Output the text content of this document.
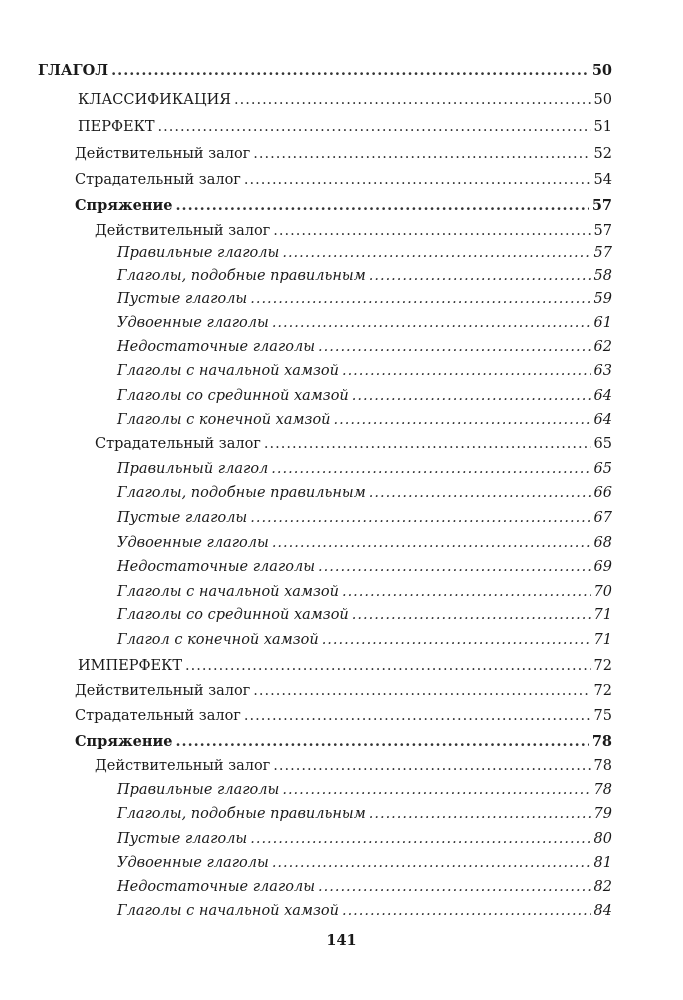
ГЛАГОЛ .....	50
КЛАССИФИКАЦИЯ .....	50
ПЕРФЕКТ .....	51
Действительный залог .....	52
Страдательный залог .....	54
Спряжение .....	57
Действительный залог .....	57
Правильные глаголы .....	57
Глаголы, подобные правильным .....	58
Пустые глаголы .....	59
Удвоенные глаголы .....	61
Недостаточные глаголы .....	62
Глаголы с начальной хамзой .....	63
Глаголы со срединной хамзой .....	64
Глаголы с конечной хамзой .....	64
Страдательный залог .....	65
Правильный глагол .....	65
Глаголы, подобные правильным .....	66
Пустые глаголы .....	67
Удвоенные глаголы .....	68
Недостаточные глаголы .....	69
Глаголы с начальной хамзой .....	70
Глаголы со срединной хамзой .....	71
Глагол с конечной хамзой .....	71
ИМПЕРФЕКТ .....	72
Действительный залог .....	72
Страдательный залог .....	75
Спряжение .....	78
Действительный залог .....	78
Правильные глаголы .....	78
Глаголы, подобные правильным .....	79
Пустые глаголы .....	80
Удвоенные глаголы .....	81
Недостаточные глаголы .....	82
Глаголы с начальной хамзой .....	84
141
